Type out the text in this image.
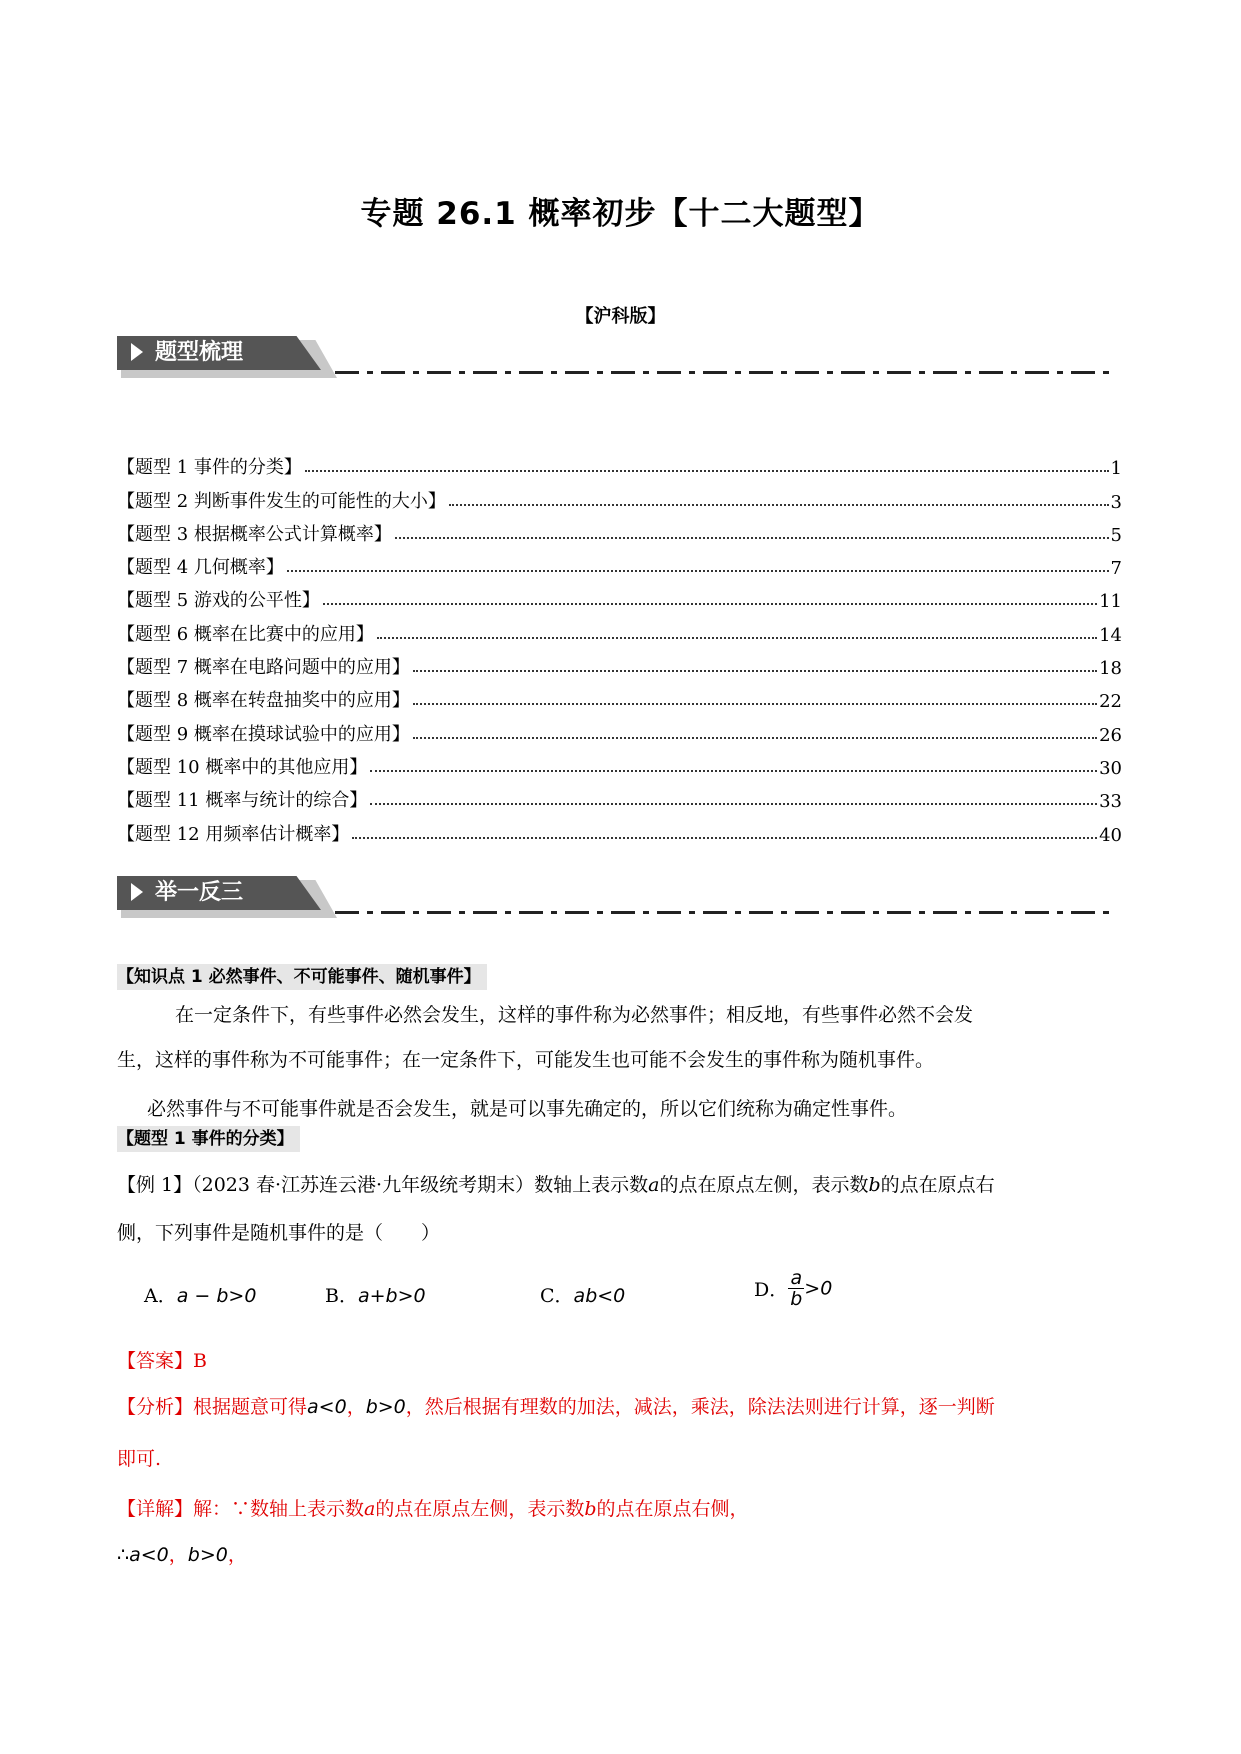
专题 26.1 概率初步【十二大题型】
【沪科版】
题型梳理
【题型 1 事件的分类】	1
【题型 2 判断事件发生的可能性的大小】	3
【题型 3 根据概率公式计算概率】	5
【题型 4 几何概率】	7
【题型 5 游戏的公平性】	11
【题型 6 概率在比赛中的应用】	14
【题型 7 概率在电路问题中的应用】	18
【题型 8 概率在转盘抽奖中的应用】	22
【题型 9 概率在摸球试验中的应用】	26
【题型 10 概率中的其他应用】	30
【题型 11 概率与统计的综合】	33
【题型 12 用频率估计概率】	40
举一反三
【知识点 1 必然事件、不可能事件、随机事件】
在一定条件下，有些事件必然会发生，这样的事件称为必然事件；相反地，有些事件必然不会发
生，这样的事件称为不可能事件；在一定条件下，可能发生也可能不会发生的事件称为随机事件。
必然事件与不可能事件就是否会发生，就是可以事先确定的，所以它们统称为确定性事件。
【题型 1 事件的分类】
【例 1】（2023 春·江苏连云港·九年级统考期末）数轴上表示数a的点在原点左侧，表示数b的点在原点右
侧，下列事件是随机事件的是（　　）
A．a − b>0	B．a+b>0	C．ab<0	D． $\frac{a}{b} >0$
【答案】B
【分析】根据题意可得a<0，b>0，然后根据有理数的加法，减法，乘法，除法法则进行计算，逐一判断
即可.
【详解】解：∵数轴上表示数a的点在原点左侧，表示数b的点在原点右侧，
∴a<0，b>0，
